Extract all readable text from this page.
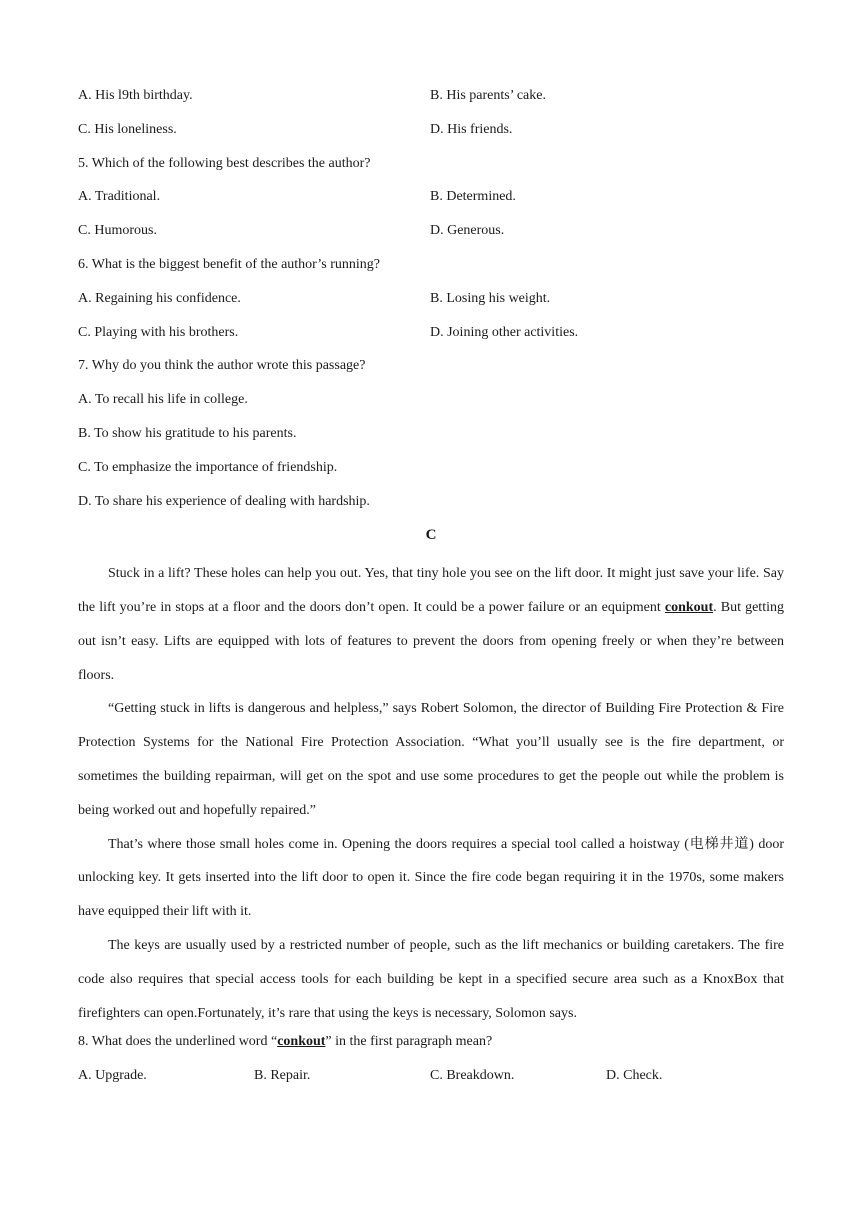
A. His l9th birthday.	B. His parents’ cake.
C. His loneliness.	D. His friends.
5. Which of the following best describes the author?
A. Traditional.	B. Determined.
C. Humorous.	D. Generous.
6. What is the biggest benefit of the author’s running?
A. Regaining his confidence.	B. Losing his weight.
C. Playing with his brothers.	D. Joining other activities.
7. Why do you think the author wrote this passage?
A. To recall his life in college.
B. To show his gratitude to his parents.
C. To emphasize the importance of friendship.
D. To share his experience of dealing with hardship.
C

Stuck in a lift? These holes can help you out. Yes, that tiny hole you see on the lift door. It might just save your life. Say the lift you’re in stops at a floor and the doors don’t open. It could be a power failure or an equipment conkout. But getting out isn’t easy. Lifts are equipped with lots of features to prevent the doors from opening freely or when they’re between floors.

“Getting stuck in lifts is dangerous and helpless,” says Robert Solomon, the director of Building Fire Protection & Fire Protection Systems for the National Fire Protection Association. “What you’ll usually see is the fire department, or sometimes the building repairman, will get on the spot and use some procedures to get the people out while the problem is being worked out and hopefully repaired.”

That’s where those small holes come in. Opening the doors requires a special tool called a hoistway (电梯井道) door unlocking key. It gets inserted into the lift door to open it. Since the fire code began requiring it in the 1970s, some makers have equipped their lift with it.

The keys are usually used by a restricted number of people, such as the lift mechanics or building caretakers. The fire code also requires that special access tools for each building be kept in a specified secure area such as a KnoxBox that firefighters can open.Fortunately, it’s rare that using the keys is necessary, Solomon says.

8. What does the underlined word “conkout” in the first paragraph mean?
A. Upgrade.	B. Repair.	C. Breakdown.	D. Check.
